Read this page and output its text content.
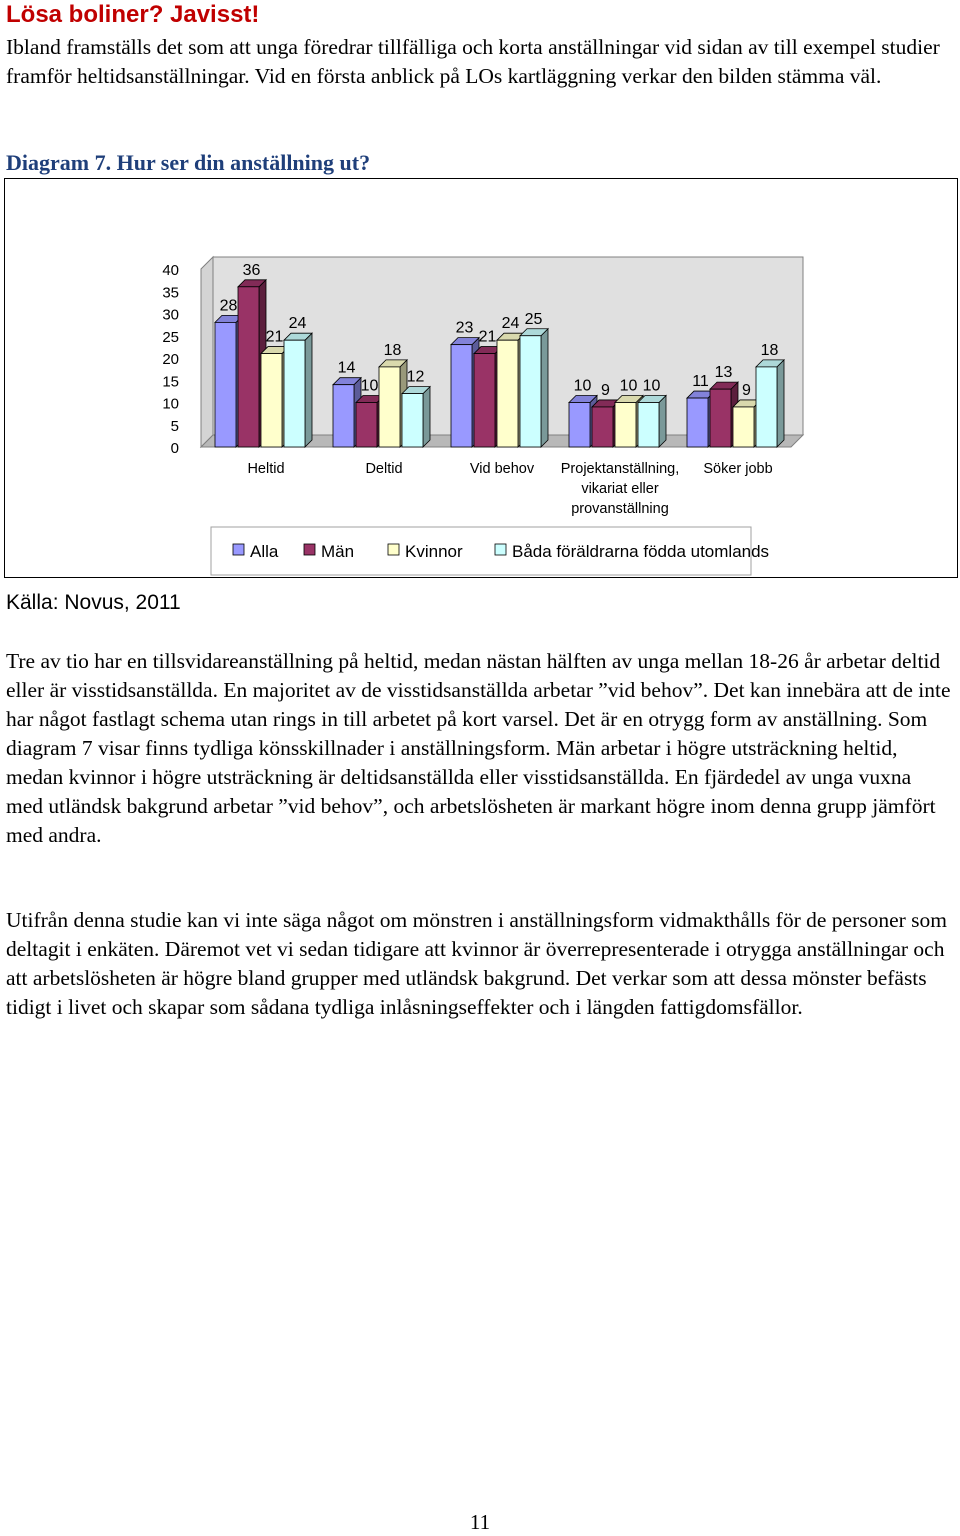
Lösa boliner? Javisst!

Ibland framställs det som att unga föredrar tillfälliga och korta anställningar vid sidan av till exempel studier framför heltidsanställningar. Vid en första anblick på LOs kartläggning verkar den bilden stämma väl.

Diagram 7. Hur ser din anställning ut?

0
5
10
15
20
25
30
35
40
28
36
21
24
14
10
18
12
23
21
24 25
10 9 10 10 11
13
9
18
Heltid	Deltid	Vid behov Projektanställning,
vikariat eller
provanställning
Söker jobb
Alla	Män	Kvinnor	Båda föräldrarna födda utomlands

Källa: Novus, 2011

Tre av tio har en tillsvidareanställning på heltid, medan nästan hälften av unga mellan 18-26 år arbetar deltid eller är visstidsanställda. En majoritet av de visstidsanställda arbetar ”vid behov”. Det kan innebära att de inte har något fastlagt schema utan rings in till arbetet på kort varsel. Det är en otrygg form av anställning. Som diagram 7 visar finns tydliga könsskillnader i anställningsform. Män arbetar i högre utsträckning heltid, medan kvinnor i högre utsträckning är deltidsanställda eller visstidsanställda. En fjärdedel av unga vuxna med utländsk bakgrund arbetar ”vid behov”, och arbetslösheten är markant högre inom denna grupp jämfört med andra.

Utifrån denna studie kan vi inte säga något om mönstren i anställningsform vidmakthålls för de personer som deltagit i enkäten. Däremot vet vi sedan tidigare att kvinnor är överrepresenterade i otrygga anställningar och att arbetslösheten är högre bland grupper med utländsk bakgrund. Det verkar som att dessa mönster befästs tidigt i livet och skapar som sådana tydliga inlåsningseffekter och i längden fattigdomsfällor.

11
